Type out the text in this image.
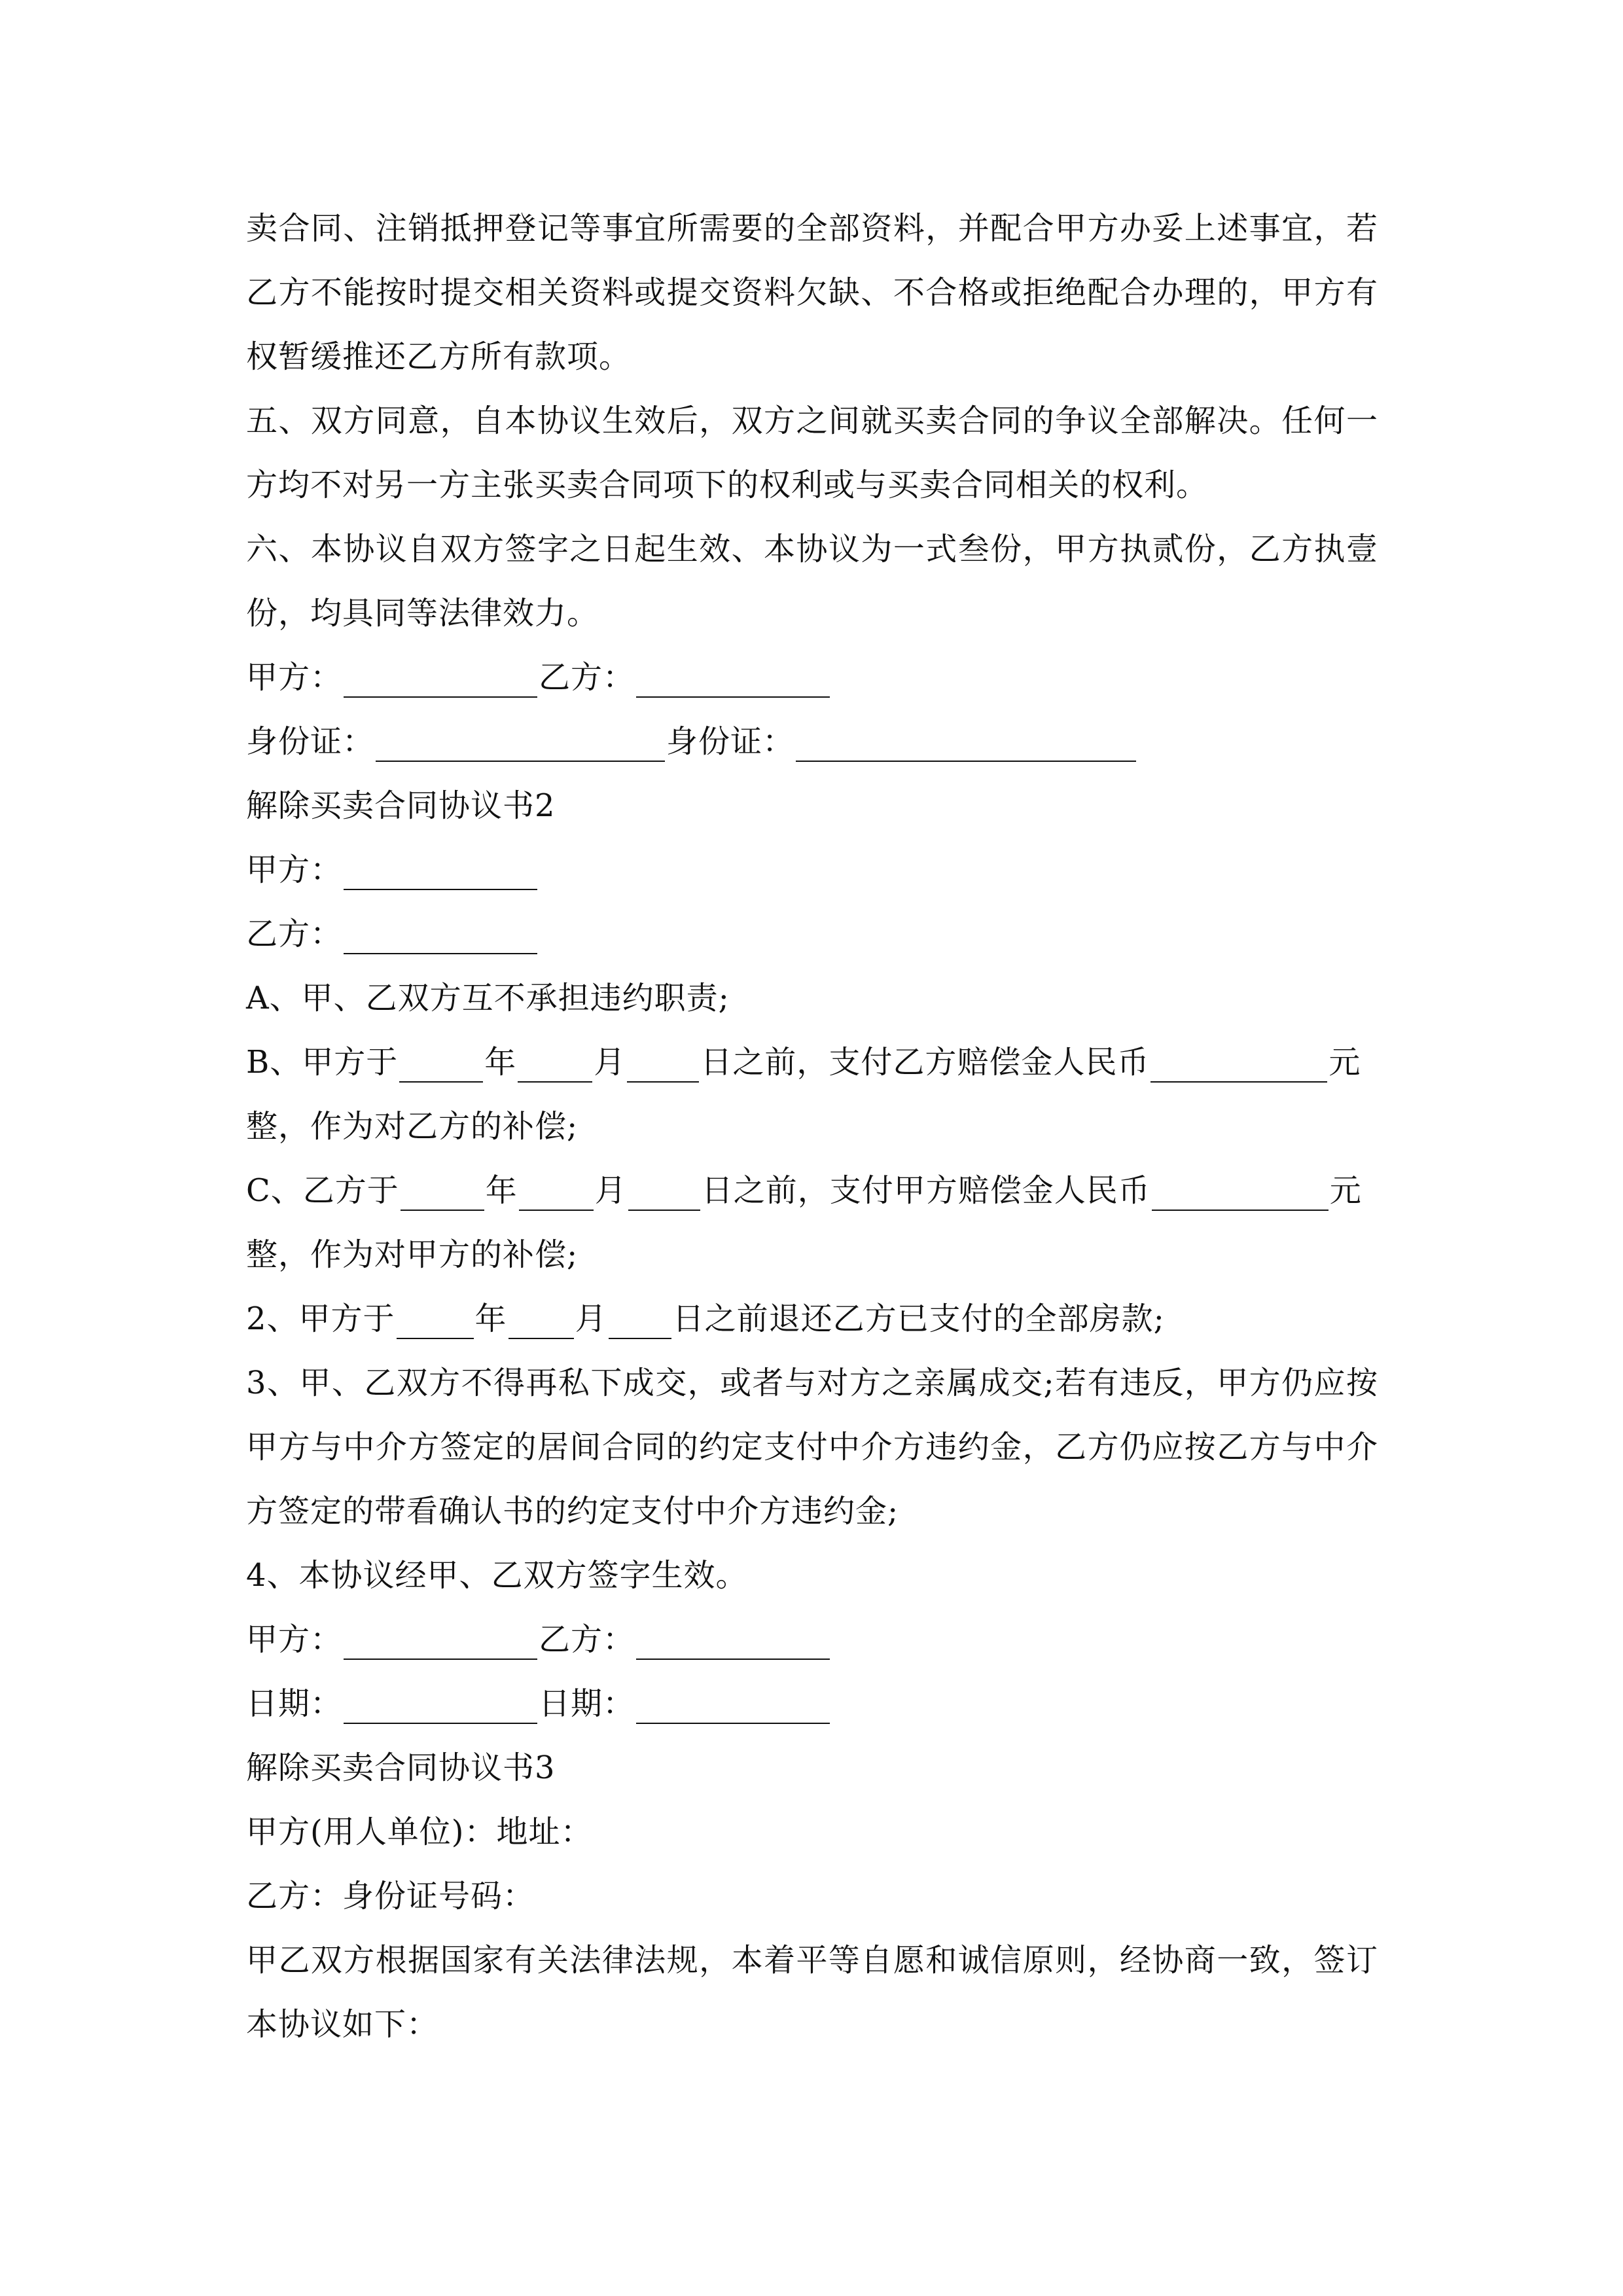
卖合同、注销抵押登记等事宜所需要的全部资料，并配合甲方办妥上述事宜，若乙方不能按时提交相关资料或提交资料欠缺、不合格或拒绝配合办理的，甲方有权暂缓推还乙方所有款项。

五、双方同意，自本协议生效后，双方之间就买卖合同的争议全部解决。任何一方均不对另一方主张买卖合同项下的权利或与买卖合同相关的权利。

六、本协议自双方签字之日起生效、本协议为一式叁份，甲方执贰份，乙方执壹份，均具同等法律效力。

甲方：	乙方：

身份证：	身份证：

解除买卖合同协议书2

甲方：

乙方：

A、甲、乙双方互不承担违约职责;

B、甲方于	年 月 日之前，支付乙方赔偿金人民币	元

整，作为对乙方的补偿;

C、乙方于	年 月 日之前，支付甲方赔偿金人民币	元

整，作为对甲方的补偿;

2、甲方于	年 月 日之前退还乙方已支付的全部房款;

3、甲、乙双方不得再私下成交，或者与对方之亲属成交;若有违反，甲方仍应按甲方与中介方签定的居间合同的约定支付中介方违约金，乙方仍应按乙方与中介方签定的带看确认书的约定支付中介方违约金;

4、本协议经甲、乙双方签字生效。

甲方：	乙方：

日期：	日期：

解除买卖合同协议书3

甲方(用人单位)：地址：

乙方：身份证号码：

甲乙双方根据国家有关法律法规，本着平等自愿和诚信原则，经协商一致，签订本协议如下：
